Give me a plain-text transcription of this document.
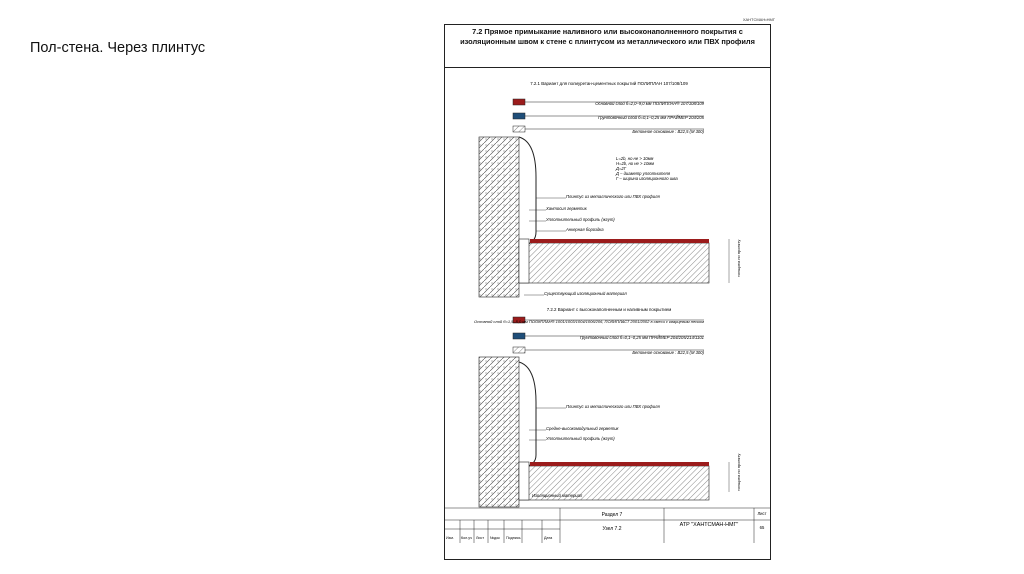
Пол-стена. Через плинтус
ХАНТСМАН•НМГ
7.2 Прямое примыкание наливного или высоконаполненного покрытия с изоляционным швом к стене с плинтусом из металлического или ПВХ профиля
7.2.1 Вариант для полиуретан-цементных покрытий ПОЛИПЛАН 107/108/109
Основной слой б=2,0–9,0 мм ПОЛИПЛАН® 107/108/109
Грунтовочный слой б=0,1–0,25 мм ПРАЙМЕР 204/205
Бетонное основание : В22,5 (М 300)
L=2b, но не > 10мм
H=2b, но не > 10мм
Д=2Г
Д – диаметр уплотнителя
Г – ширина изоляционного шва
Плинтус из металлического или ПВХ профиля
Хантосил герметик
Уплотнительный профиль (жгут)
Анкерная бороздка
Существующий изоляционный материал
толщина по проекту
7.2.2 Вариант с высоконаполненным и наливным покрытием
Основной слой б=1,5–5,0 мм ПОЛИПЛАН® 1001/1003/1004/1006/206, ПОЛИПЛАСТ 2001/2002 в смеси с кварцевым песком
Грунтовочный слой б=0,1–0,25 мм ПРАЙМЕР 204/205/214/1101
Бетонное основание : В22,5 (М 300)
Плинтус из металлического или ПВХ профиля
Средне-высокомодульный герметик
Уплотнительный профиль (жгут)
Изоляционный материал
толщина по проекту
Раздел 7
Узел 7.2
АТР "ХАНТСМАН-НМГ"
Лист
65
Изм. Кол.уч Лист №док Подпись	Дата
